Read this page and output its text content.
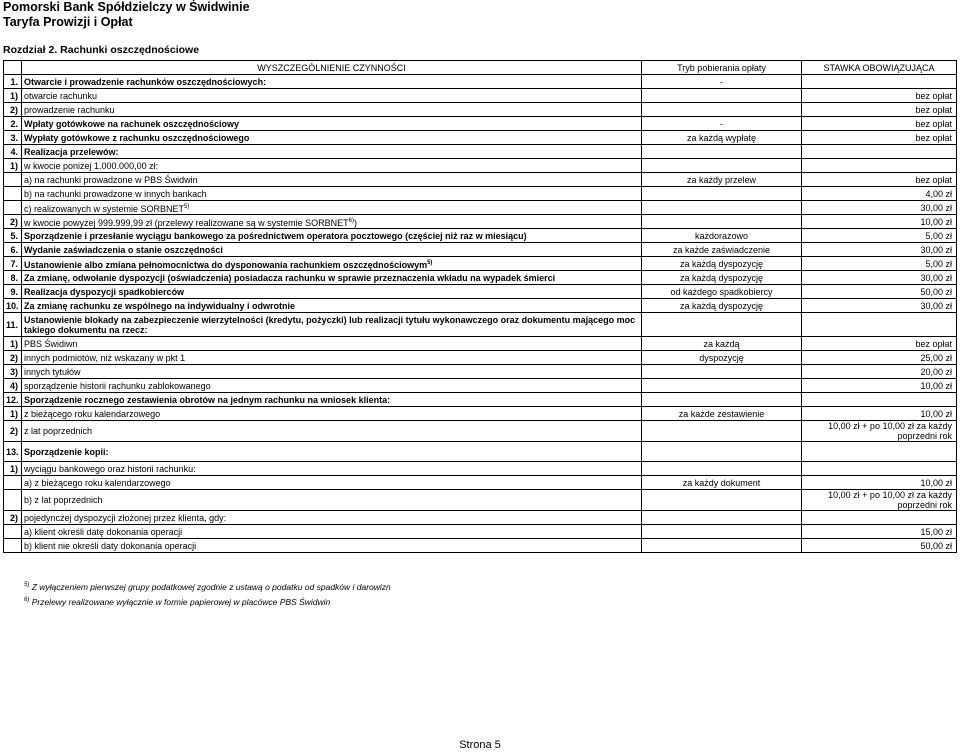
Pomorski Bank Spółdzielczy w Świdwinie
Taryfa Prowizji i Opłat
Rozdział 2. Rachunki oszczędnościowe
	WYSZCZEGÓLNIENIE CZYNNOŚCI	Tryb pobierania opłaty	STAWKA OBOWIĄZUJĄCA
1.	Otwarcie i prowadzenie rachunków oszczędnościowych:	-	
1)	otwarcie rachunku		bez opłat
2)	prowadzenie rachunku		bez opłat
2.	Wpłaty gotówkowe na rachunek oszczędnościowy	-	bez opłat
3.	Wypłaty gotówkowe z rachunku oszczędnościowego	za każdą wypłatę	bez opłat
4.	Realizacja przelewów:		
1)	w kwocie poniżej 1.000.000,00 zł:		
	a) na rachunki prowadzone w PBS Świdwin	za każdy przelew	bez opłat
	b) na rachunki prowadzone w innych bankach		4,00 zł
	c) realizowanych w systemie SORBNET$^{5)}$		30,00 zł
2)	w kwocie powyżej 999.999,99 zł (przelewy realizowane są w systemie SORBNET$^{6)}$)		10,00 zł
5.	Sporządzenie i przesłanie wyciągu bankowego za pośrednictwem operatora pocztowego (częściej niż raz w miesiącu)	każdorazowo	5,00 zł
6.	Wydanie zaświadczenia o stanie oszczędności	za każde zaświadczenie	30,00 zł
7.	Ustanowienie albo zmiana pełnomocnictwa do dysponowania rachunkiem oszczędnościowym$^{5)}$	za każdą dyspozycję	5,00 zł
8.	Za zmianę, odwołanie dyspozycji (oświadczenia) posiadacza rachunku w sprawie przeznaczenia wkładu na wypadek śmierci	za każdą dyspozycję	30,00 zł
9.	Realizacja dyspozycji spadkobierców	od każdego spadkobiercy	50,00 zł
10.	Za zmianę rachunku ze wspólnego na indywidualny i odwrotnie	za każdą dyspozycję	30,00 zł
11.	Ustanowienie blokady na zabezpieczenie wierzytelności (kredytu, pożyczki) lub realizacji tytułu wykonawczego oraz dokumentu mającego moc takiego dokumentu na rzecz:		
1)	PBS Świdiwn	za każdą	bez opłat
2)	innych podmiotów, niż wskazany w pkt 1	dyspozycję	25,00 zł
3)	innych tytułów		20,00 zł
4)	sporządzenie historii rachunku zablokowanego		10,00 zł
12.	Sporządzenie rocznego zestawienia obrotów na jednym rachunku na wniosek klienta:		
1)	z bieżącego roku kalendarzowego	za każde zestawienie	10,00 zł
2)	z lat poprzednich		10,00 zł + po 10,00 zł za każdy poprzedni rok
13.	Sporządzenie kopii:		
1)	wyciągu bankowego oraz historii rachunku:		
	a) z bieżącego roku kalendarzowego	za każdy dokument	10,00 zł
	b) z lat poprzednich		10,00 zł + po 10,00 zł za każdy poprzedni rok
2)	pojedynczej dyspozycji złożonej przez klienta, gdy:		
	a) klient określi datę dokonania operacji		15,00 zł
	b) klient nie określi daty dokonania operacji		50,00 zł
$^{5)}$ Z wyłączeniem pierwszej grupy podatkowej zgodnie z ustawą o podatku od spadków i darowizn
$^{6)}$ Przelewy realizowane wyłącznie w formie papierowej w placówce PBS Świdwin
Strona 5
